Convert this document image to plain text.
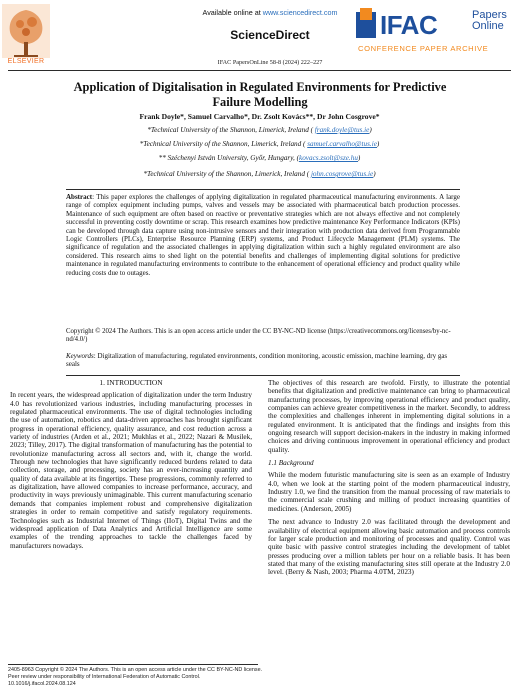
ELSEVIER
Available online at www.sciencedirect.com
ScienceDirect	IFAC	Papers
Online
CONFERENCE PAPER ARCHIVE
IFAC PapersOnLine 58-8 (2024) 222–227
Application of Digitalisation in Regulated Environments for Predictive
Failure Modelling
Frank Doyle*, Samuel Carvalho*, Dr. Zsolt Kovács**, Dr John Cosgrove*
*Technical University of the Shannon, Limerick, Ireland ( frank.doyle@tus.ie)
*Technical University of the Shannon, Limerick, Ireland ( samuel.carvalho@tus.ie)
** Széchenyi István University, Győr, Hungary, (kovacs.zsolt@sze.hu)
*Technical University of the Shannon, Limerick, Ireland ( john.cosgrove@tus.ie)
Abstract: This paper explores the challenges of applying digitalization in regulated pharmaceutical manufacturing environments. A large range of complex equipment including pumps, valves and vessels may be associated with pharmaceutical batch production processes. Maintenance of such equipment are often based on reactive or preventative strategies which are not always effective and not completely successful in preventing costly downtime or scrap. This research examines how predictive maintenance Key Performance Indicators (KPIs) can be developed through data capture using non-intrusive sensors and their integration with production data derived from Programmable Logic Controllers (PLCs), Enterprise Resource Planning (ERP) systems, and Product Lifecycle Management (PLM) systems. The significance of regulation and the associated challenges in applying digitalization within such a highly regulated environment are also considered. This research aims to shed light on the potential benefits and challenges of implementing digital solutions for predictive maintenance in regulated manufacturing environments to contribute to the enhancement of operational efficiency and product quality while reducing costs due to outages.
Copyright © 2024 The Authors. This is an open access article under the CC BY-NC-ND license (https://creativecommons.org/licenses/by-nc-nd/4.0/)
Keywords: Digitalization of manufacturing, regulated environments, condition monitoring, acoustic emission, machine learning, dry gas seals
1. INTRODUCTION
In recent years, the widespread application of digitalization under the term Industry 4.0 has revolutionized various industries, including manufacturing processes in regulated pharmaceutical environments. The use of digital technologies including the use of automation, robotics and data-driven approaches has brought significant progress in operational efficiency, quality assurance, and cost reduction across a variety of industries (Arden et al., 2021; Mukhlas et al., 2022; Nazari & Musilek, 2023; Tilley, 2017). The digital transformation of manufacturing has the potential to revolutionize manufacturing across all sectors and, with it, change the world. Through new technologies that have significantly reduced burdens related to data collection, storage, and processing, society has an ever-increasing quantity and quality of data available at its fingertips. These progressions, commonly referred to as digitalization, have allowed companies to increase performance, accuracy, and productivity in ways previously unimaginable. This current manufacturing scenario demands that companies implement robust and comprehensive digitalization strategies in order to remain competitive and satisfy regulatory requirements. Technologies such as Industrial Internet of Things (IIoT), Digital Twins and the widespread application of Data Analytics and Artificial Intelligence are some examples of the trending approaches to tackle the challenges faced by manufacturers nowadays.
The objectives of this research are twofold. Firstly, to illustrate the potential benefits that digitalization and predictive maintenance can bring to pharmaceutical manufacturing processes, by improving operational efficiency and product quality, companies can achieve greater competitiveness in the market. Secondly, to address the complexities and challenges inherent in implementing digital solutions in a regulated environment. It is anticipated that the findings and insights from this ongoing research will support decision-makers in the industry in making informed choices and driving continuous improvement in operational efficiency and product quality.
1.1 Background
While the modern futuristic manufacturing site is seen as an example of Industry 4.0, when we look at the starting point of the modern pharmaceutical industry, Industry 1.0, we find the transition from the manual processing of raw materials to the commercial scale crushing and milling of product increasing quantities of medicines. (Anderson, 2005)
The next advance to Industry 2.0 was facilitated through the development and availability of electrical equipment allowing basic automation and process controls for larger scale production and monitoring of processes and quality. Control was quite basic with passive control strategies including the development of tablet presses producing over a million tablets per hour on a reliable basis. It has been stated that many of the existing manufacturing sites still operate at the Industry 2.0 level. (Berry & Nash, 2003; Pharma 4.0TM, 2023)
2405-8963 Copyright © 2024 The Authors. This is an open access article under the CC BY-NC-ND license.
Peer review under responsibility of International Federation of Automatic Control.
10.1016/j.ifacol.2024.08.124
